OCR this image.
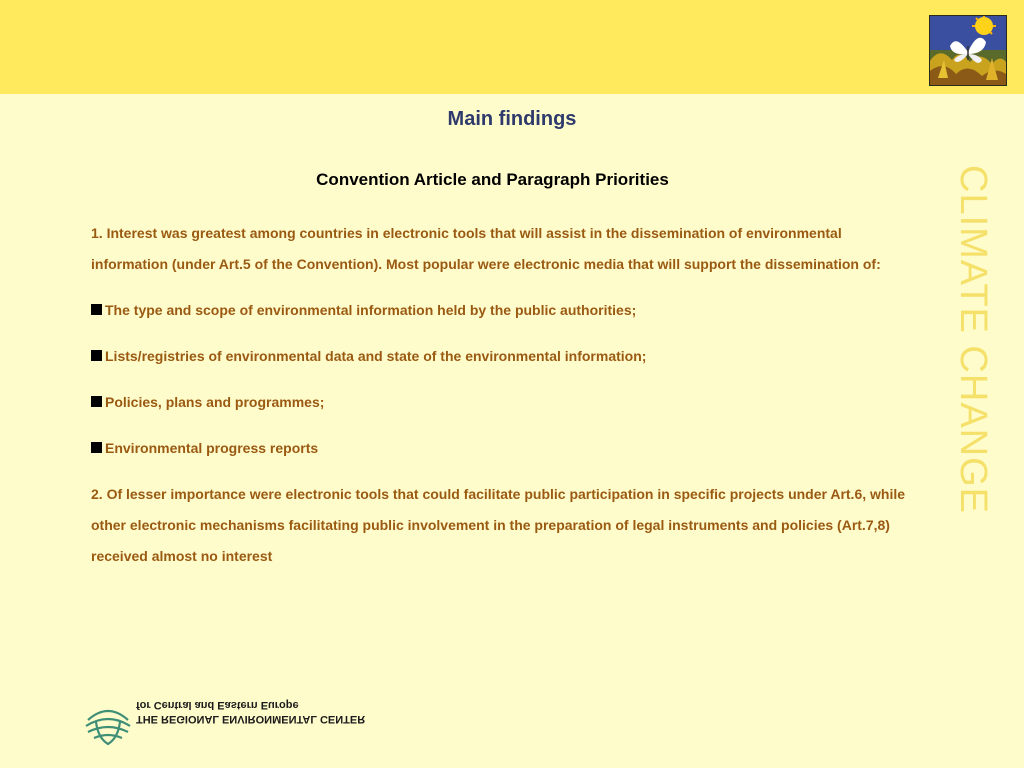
Main findings
CLIMATE CHANGE
Convention Article and Paragraph Priorities

1. Interest was greatest among countries in electronic tools that will assist in the dissemination of environmental information (under Art.5 of the Convention). Most popular were electronic media that will support the dissemination of:

The type and scope of environmental information held by the public authorities;
Lists/registries of environmental data and state of the environmental information;
Policies, plans and programmes;
Environmental progress reports

2. Of lesser importance were electronic tools that could facilitate public participation in specific projects under Art.6, while other electronic mechanisms facilitating public involvement in the preparation of legal instruments and policies (Art.7,8) received almost no interest

THE REGIONAL ENVIRONMENTAL CENTER
for Central and Eastern Europe
